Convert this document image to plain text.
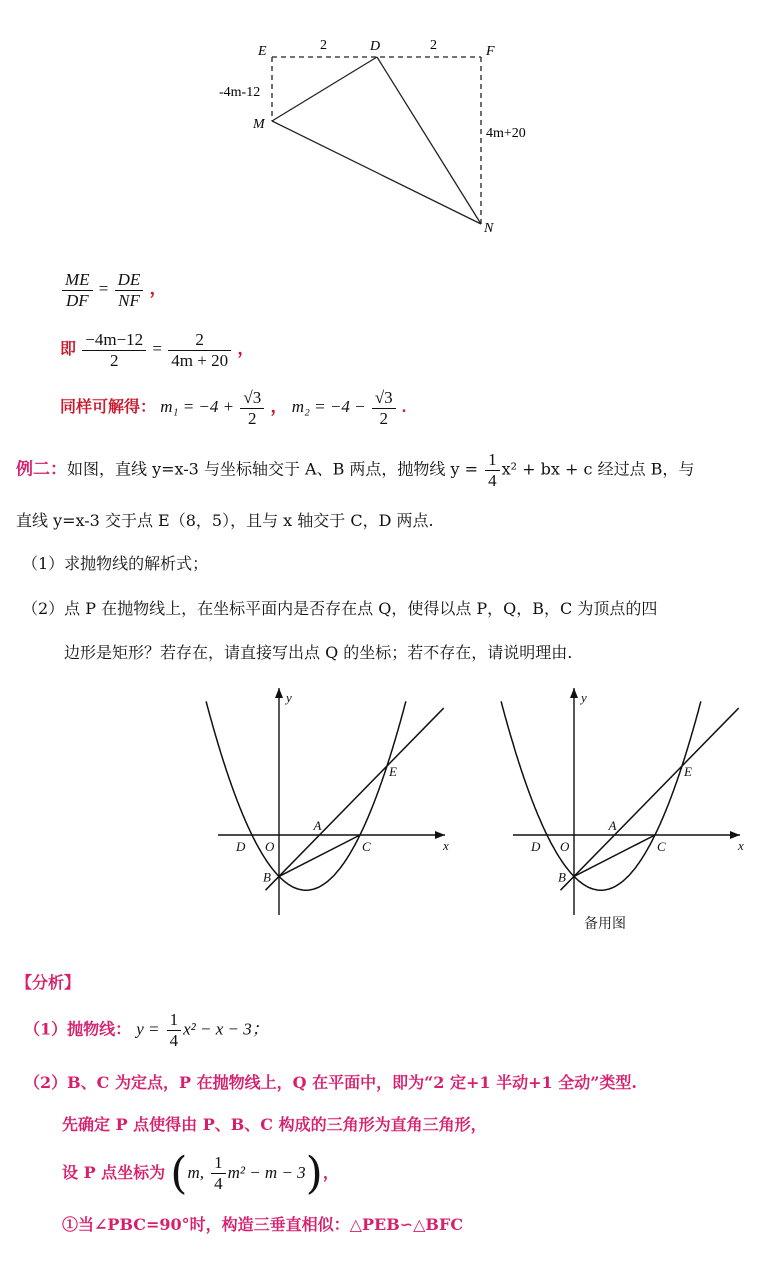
E	D	F
M
N
2	2
-4m-12
4m+20
$\frac{ME}{DF} = \frac{DE}{NF}$ ，
即 $\frac{-4m-12}{2} = \frac{2}{4m + 20}$ ，
同样可解得： $m_1 = -4 + \frac{√3}{2}$ ， $m_2 = -4 - \frac{√3}{2}$ .
例二：如图，直线 y=x-3 与坐标轴交于 A、B 两点，抛物线 $y = \frac{1}{4} x^2$ + bx + c 经过点 B，与
直线 y=x-3 交于点 E（8，5），且与 x 轴交于 C，D 两点.
（1）求抛物线的解析式；
（2）点 P 在抛物线上，在坐标平面内是否存在点 Q，使得以点 P，Q，B，C 为顶点的四
边形是矩形？若存在，请直接写出点 Q 的坐标；若不存在，请说明理由.
y
x
O
D
A
C
B
E
y
x
O
D
A
C
B
E
备用图
【分析】
（1）抛物线： $y = \frac{1}{4} x^2 - x - 3$；
（2）B、C 为定点，P 在抛物线上，Q 在平面中，即为“2 定+1 半动+1 全动”类型.
先确定 P 点使得由 P、B、C 构成的三角形为直角三角形，
设 P 点坐标为 (m, $\frac{1}{4} m^2 - m - 3$)，
①当∠PBC=90°时，构造三垂直相似：△PEB∽△BFC
